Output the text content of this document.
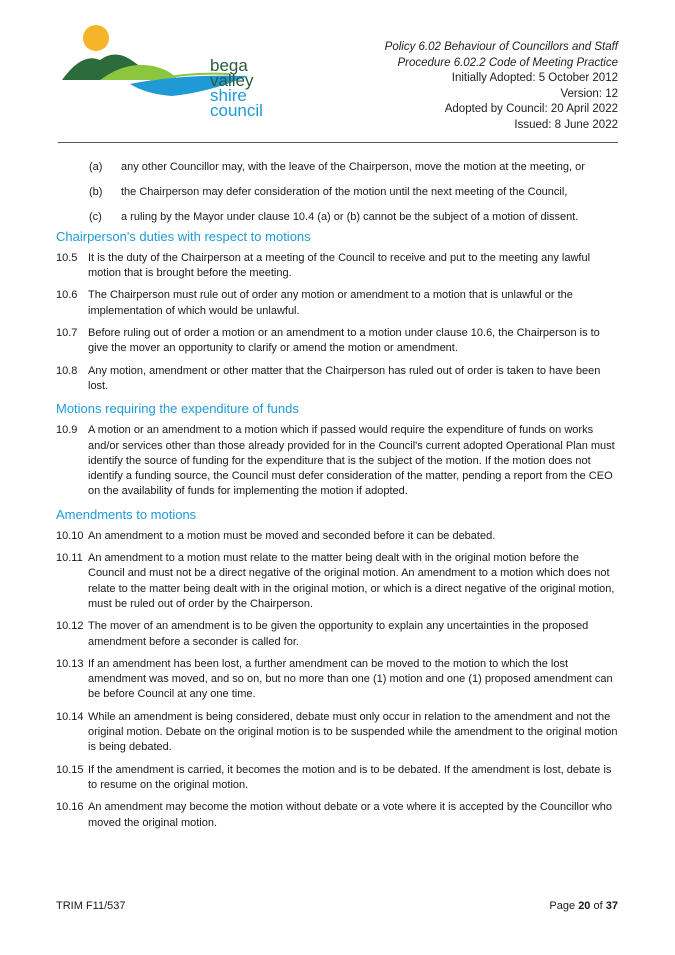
bega valley
shire council
Policy 6.02 Behaviour of Councillors and Staff
Procedure 6.02.2 Code of Meeting Practice
Initially Adopted: 5 October 2012
Version: 12
Adopted by Council: 20 April 2022
Issued: 8 June 2022
(a)	any other Councillor may, with the leave of the Chairperson, move the motion at the meeting, or
(b)	the Chairperson may defer consideration of the motion until the next meeting of the Council,
(c)	a ruling by the Mayor under clause 10.4 (a) or (b) cannot be the subject of a motion of dissent.
Chairperson's duties with respect to motions
10.5 It is the duty of the Chairperson at a meeting of the Council to receive and put to the meeting any lawful motion that is brought before the meeting.
10.6 The Chairperson must rule out of order any motion or amendment to a motion that is unlawful or the implementation of which would be unlawful.
10.7 Before ruling out of order a motion or an amendment to a motion under clause 10.6, the Chairperson is to give the mover an opportunity to clarify or amend the motion or amendment.
10.8 Any motion, amendment or other matter that the Chairperson has ruled out of order is taken to have been lost.
Motions requiring the expenditure of funds
10.9 A motion or an amendment to a motion which if passed would require the expenditure of funds on works and/or services other than those already provided for in the Council's current adopted Operational Plan must identify the source of funding for the expenditure that is the subject of the motion. If the motion does not identify a funding source, the Council must defer consideration of the matter, pending a report from the CEO on the availability of funds for implementing the motion if adopted.
Amendments to motions
10.10 An amendment to a motion must be moved and seconded before it can be debated.
10.11 An amendment to a motion must relate to the matter being dealt with in the original motion before the Council and must not be a direct negative of the original motion. An amendment to a motion which does not relate to the matter being dealt with in the original motion, or which is a direct negative of the original motion, must be ruled out of order by the Chairperson.
10.12 The mover of an amendment is to be given the opportunity to explain any uncertainties in the proposed amendment before a seconder is called for.
10.13 If an amendment has been lost, a further amendment can be moved to the motion to which the lost amendment was moved, and so on, but no more than one (1) motion and one (1) proposed amendment can be before Council at any one time.
10.14 While an amendment is being considered, debate must only occur in relation to the amendment and not the original motion. Debate on the original motion is to be suspended while the amendment to the original motion is being debated.
10.15 If the amendment is carried, it becomes the motion and is to be debated. If the amendment is lost, debate is to resume on the original motion.
10.16 An amendment may become the motion without debate or a vote where it is accepted by the Councillor who moved the original motion.
TRIM F11/537	Page 20 of 37
